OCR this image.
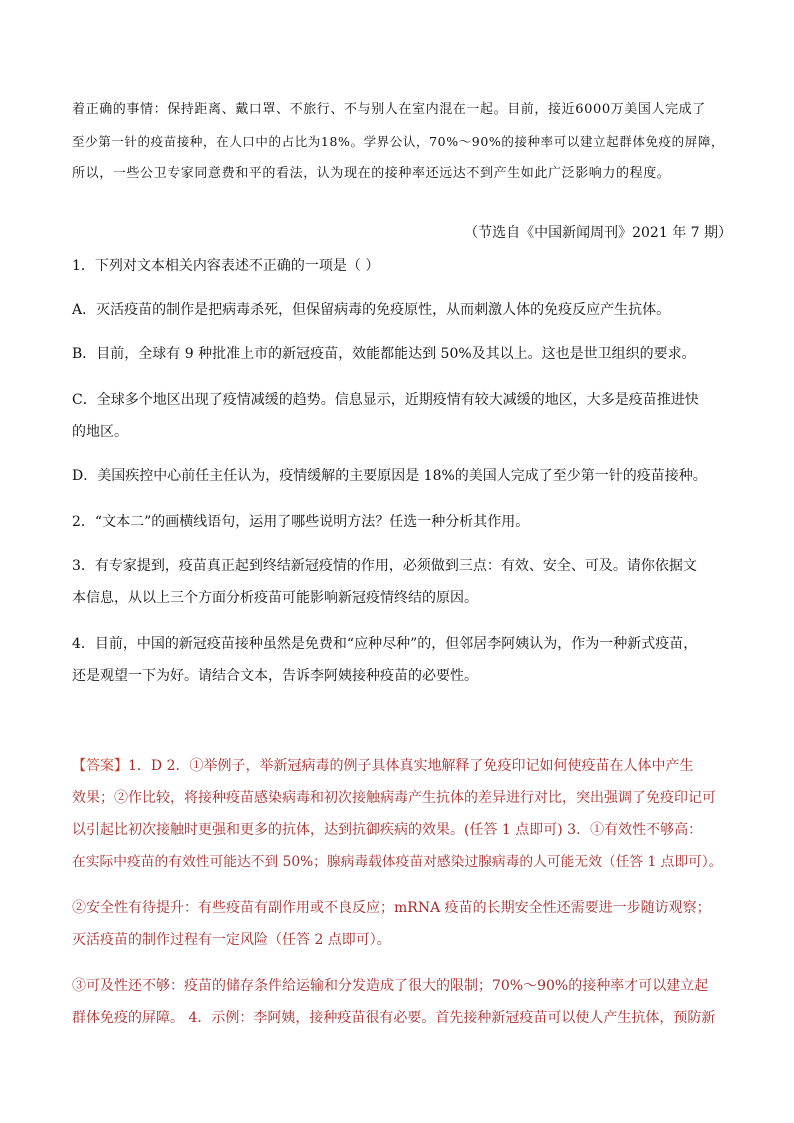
着正确的事情：保持距离、戴口罩、不旅行、不与别人在室内混在一起。目前，接近6000万美国人完成了

至少第一针的疫苗接种，在人口中的占比为18%。学界公认，70%～90%的接种率可以建立起群体免疫的屏障，

所以，一些公卫专家同意费和平的看法，认为现在的接种率还远达不到产生如此广泛影响力的程度。

（节选自《中国新闻周刊》2021 年 7 期）

1．下列对文本相关内容表述不正确的一项是（ ）

A．灭活疫苗的制作是把病毒杀死，但保留病毒的免疫原性，从而刺激人体的免疫反应产生抗体。

B．目前，全球有 9 种批准上市的新冠疫苗，效能都能达到 50%及其以上。这也是世卫组织的要求。

C．全球多个地区出现了疫情减缓的趋势。信息显示，近期疫情有较大减缓的地区，大多是疫苗推进快

的地区。

D．美国疾控中心前任主任认为，疫情缓解的主要原因是 18%的美国人完成了至少第一针的疫苗接种。

2．“文本二”的画横线语句，运用了哪些说明方法？任选一种分析其作用。

3．有专家提到，疫苗真正起到终结新冠疫情的作用，必须做到三点：有效、安全、可及。请你依据文

本信息，从以上三个方面分析疫苗可能影响新冠疫情终结的原因。

4．目前，中国的新冠疫苗接种虽然是免费和“应种尽种”的，但邻居李阿姨认为，作为一种新式疫苗，

还是观望一下为好。请结合文本，告诉李阿姨接种疫苗的必要性。

【答案】1．D 2．①举例子，举新冠病毒的例子具体真实地解释了免疫印记如何使疫苗在人体中产生

效果；②作比较，将接种疫苗感染病毒和初次接触病毒产生抗体的差异进行对比，突出强调了免疫印记可

以引起比初次接触时更强和更多的抗体，达到抗御疾病的效果。(任答 1 点即可) 3．①有效性不够高：

在实际中疫苗的有效性可能达不到 50%；腺病毒载体疫苗对感染过腺病毒的人可能无效（任答 1 点即可）。

②安全性有待提升：有些疫苗有副作用或不良反应；mRNA 疫苗的长期安全性还需要进一步随访观察；

灭活疫苗的制作过程有一定风险（任答 2 点即可）。

③可及性还不够：疫苗的储存条件给运输和分发造成了很大的限制；70%～90%的接种率才可以建立起

群体免疫的屏障。 4．示例：李阿姨，接种疫苗很有必要。首先接种新冠疫苗可以使人产生抗体，预防新
